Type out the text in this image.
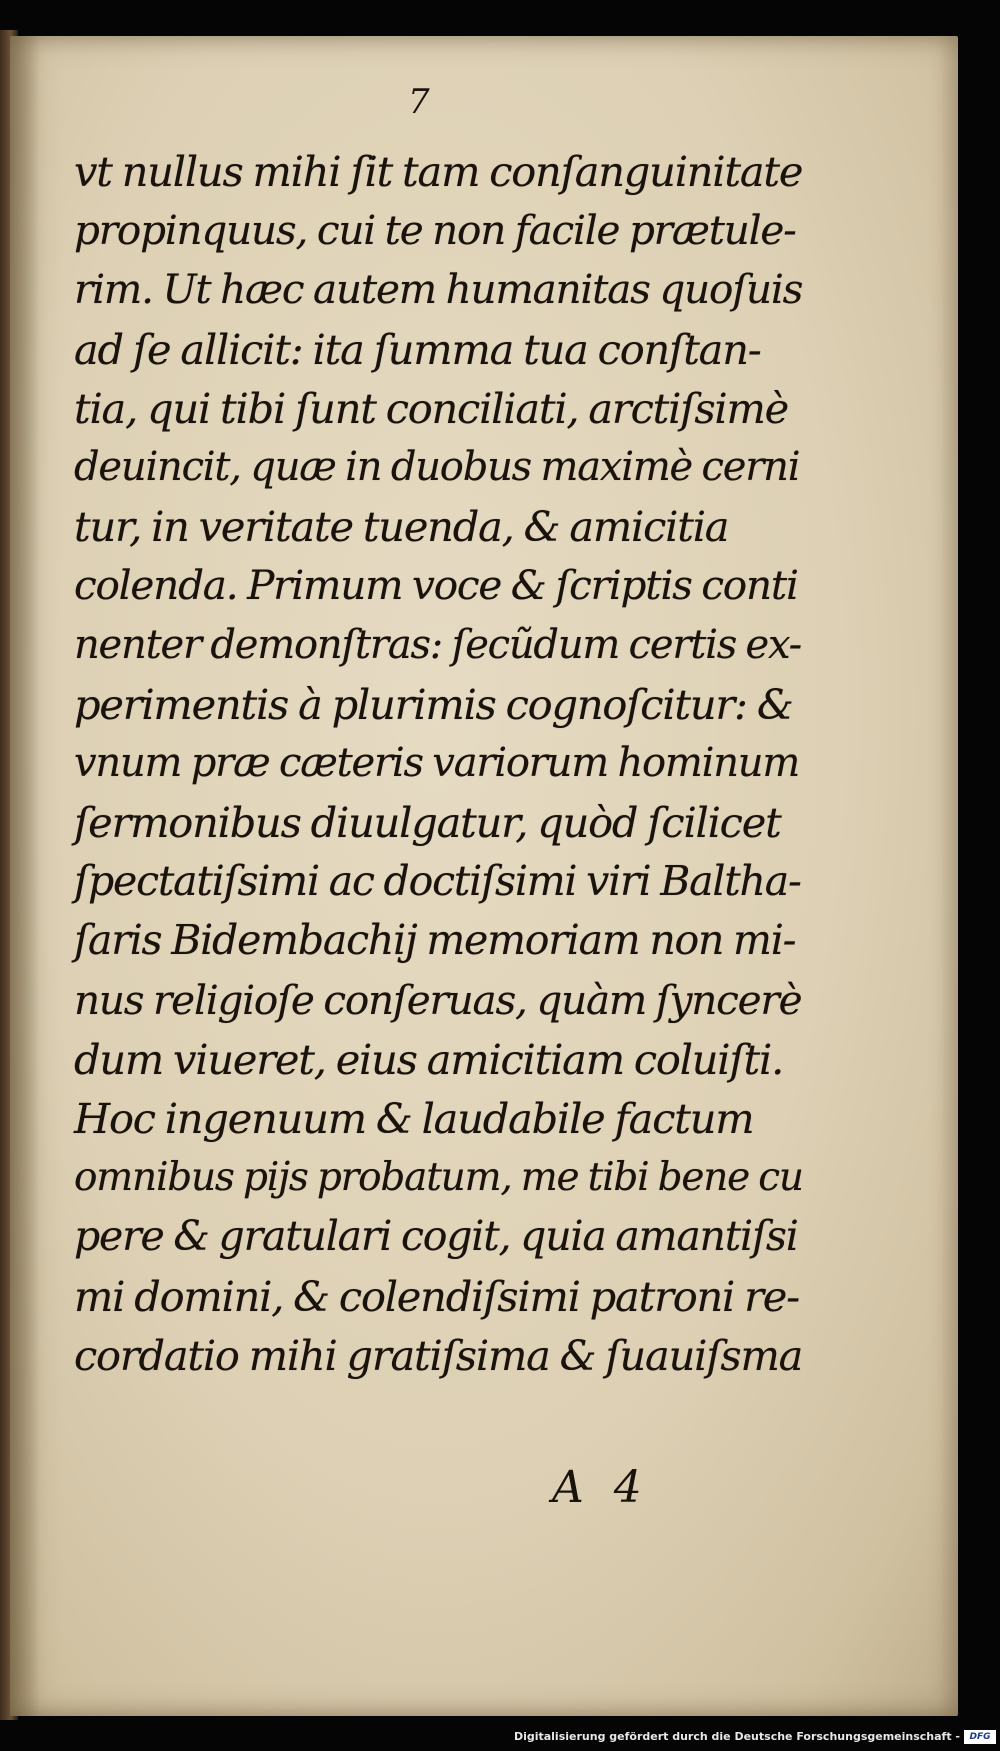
7
vt nullus mihi ſit tam conſanguinitate
propinquus, cui te non facile prætule-
rim. Ut hæc autem humanitas quoſuis
ad ſe allicit: ita ſumma tua conſtan-
tia, qui tibi ſunt conciliati, arctiſsimè
deuincit, quæ in duobus maximè cerni
tur, in veritate tuenda, & amicitia
colenda. Primum voce & ſcriptis conti
nenter demonſtras: ſecũdum certis ex-
perimentis à plurimis cognoſcitur: &
vnum præ cæteris variorum hominum
ſermonibus diuulgatur, quòd ſcilicet
ſpectatiſsimi ac doctiſsimi viri Baltha-
ſaris Bidembachij memoriam non mi-
nus religioſe conſeruas, quàm ſyncerè
dum viueret, eius amicitiam coluiſti.
Hoc ingenuum & laudabile factum
omnibus pijs probatum, me tibi bene cu
pere & gratulari cogit, quia amantiſsi
mi domini, & colendiſsimi patroni re-
cordatio mihi gratiſsima & ſuauiſsma
A 4
Digitalisierung gefördert durch die Deutsche Forschungsgemeinschaft -	DFG
